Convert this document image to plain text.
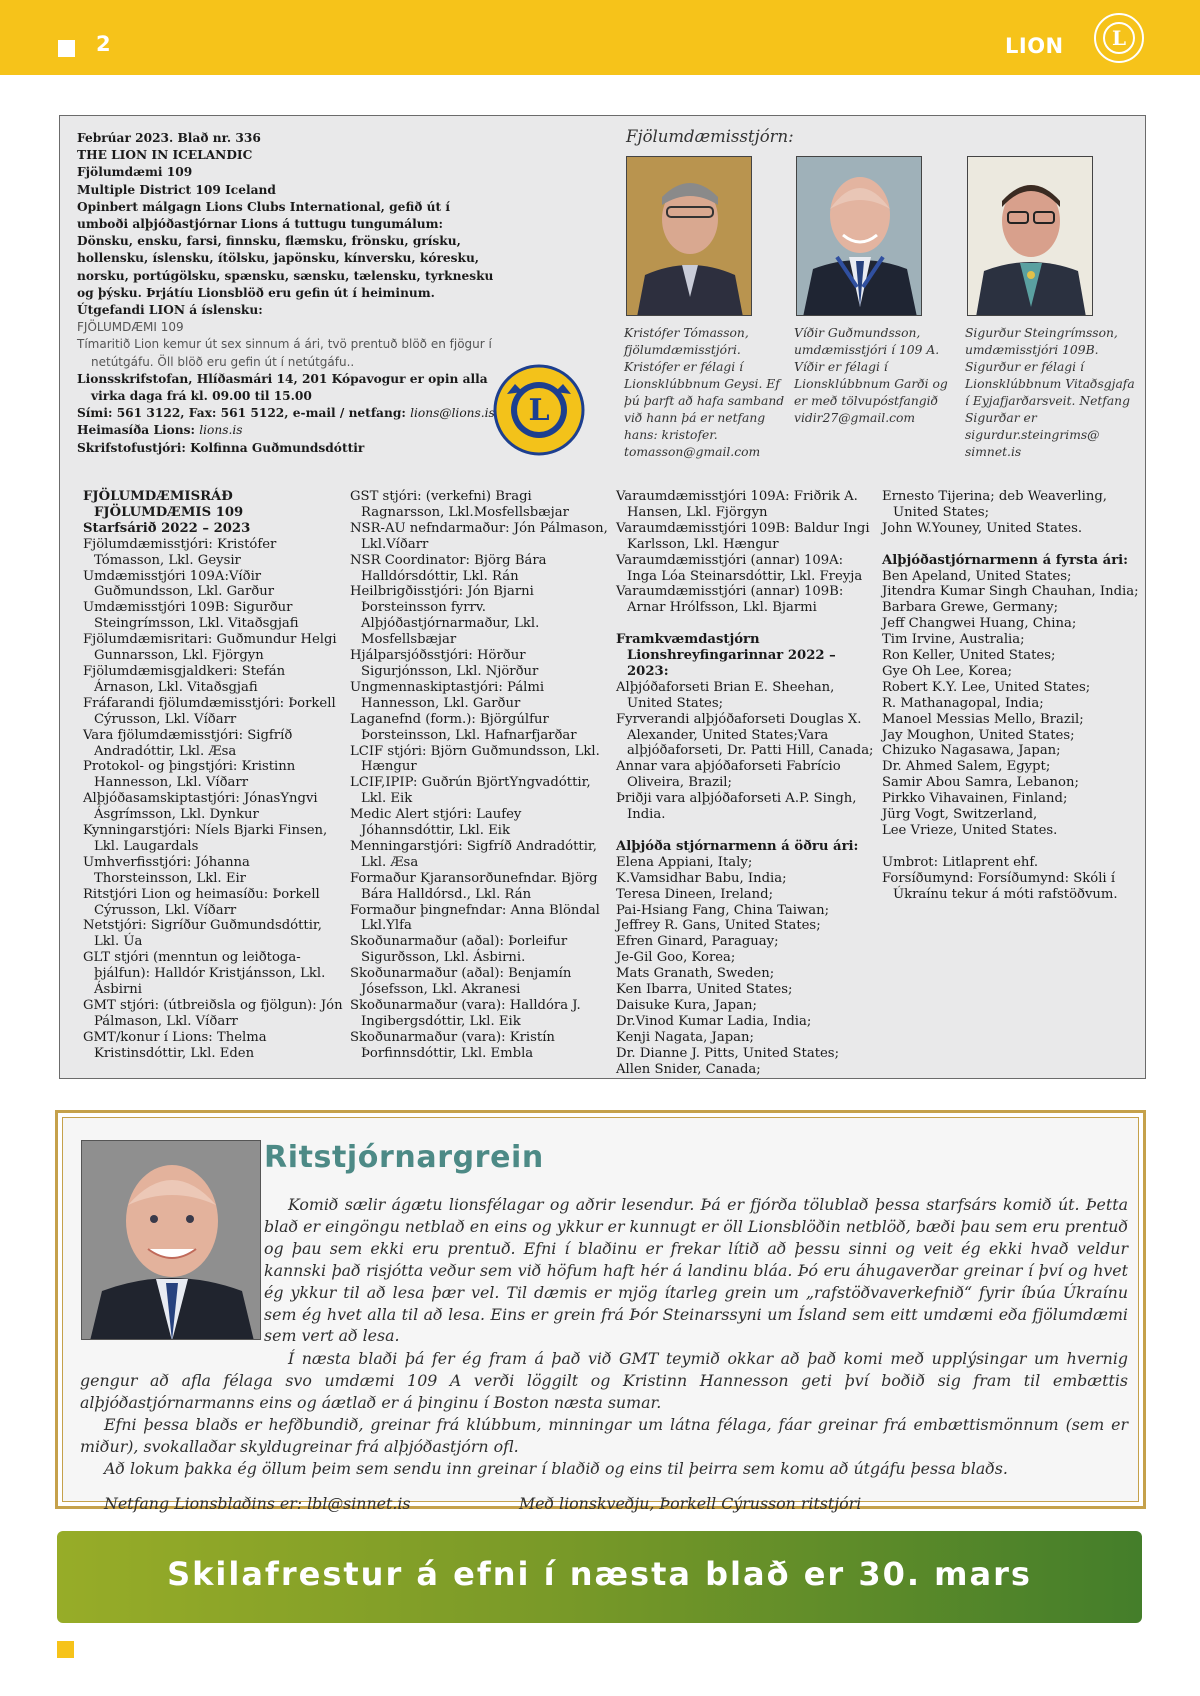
2	LION L
Febrúar 2023. Blað nr. 336
THE LION IN ICELANDIC
Fjölumdæmi 109
Multiple District 109 Iceland
Opinbert málgagn Lions Clubs International, gefið út í umboði alþjóðastjórnar Lions á tuttugu tungumálum: Dönsku, ensku, farsi, finnsku, flæmsku, frönsku, grísku, hollensku, íslensku, ítölsku, japönsku, kínversku, kóresku, norsku, portúgölsku, spænsku, sænsku, tælensku, tyrknesku og þýsku. Þrjátíu Lionsblöð eru gefin út í heiminum.
Útgefandi LION á íslensku:
FJÖLUMDÆMI 109
Tímaritið Lion kemur út sex sinnum á ári, tvö prentuð blöð en fjögur í netútgáfu. Öll blöð eru gefin út í netútgáfu..
Lionsskrifstofan, Hlíðasmári 14, 201 Kópavogur er opin alla virka daga frá kl. 09.00 til 15.00
Sími: 561 3122, Fax: 561 5122, e-mail / netfang: lions@lions.is
Heimasíða Lions: lions.is
Skrifstofustjóri: Kolfinna Guðmundsdóttir
L
Fjölumdæmisstjórn:
Kristófer Tómasson, fjölumdæmisstjóri. Kristófer er félagi í Lionsklúbbnum Geysi. Ef þú þarft að hafa samband við hann þá er netfang hans: kristofer. tomasson@gmail.com
Víðir Guðmundsson, umdæmisstjóri í 109 A. Víðir er félagi í Lionsklúbbnum Garði og er með tölvupóstfangið vidir27@gmail.com
Sigurður Steingrímsson, umdæmisstjóri 109B. Sigurður er félagi í Lionsklúbbnum Vitaðsgjafa í Eyjafjarðarsveit. Netfang Sigurðar er sigurdur.steingrims@ simnet.is
FJÖLUMDÆMISRÁÐ
FJÖLUMDÆMIS 109
Starfsárið 2022 – 2023
Fjölumdæmisstjóri: Kristófer Tómasson, Lkl. Geysir
Umdæmisstjóri 109A:Víðir Guðmundsson, Lkl. Garður
Umdæmisstjóri 109B: Sigurður Steingrímsson, Lkl. Vitaðsgjafi
Fjölumdæmisritari: Guðmundur Helgi Gunnarsson, Lkl. Fjörgyn
Fjölumdæmisgjaldkeri: Stefán Árnason, Lkl. Vitaðsgjafi
Fráfarandi fjölumdæmisstjóri: Þorkell Cýrusson, Lkl. Víðarr
Vara fjölumdæmisstjóri: Sigfríð Andradóttir, Lkl. Æsa
Protokol- og þingstjóri: Kristinn Hannesson, Lkl. Víðarr
Alþjóðasamskiptastjóri: JónasYngvi Ásgrímsson, Lkl. Dynkur
Kynningarstjóri: Níels Bjarki Finsen, Lkl. Laugardals
Umhverfisstjóri: Jóhanna Thorsteinsson, Lkl. Eir
Ritstjóri Lion og heimasíðu: Þorkell Cýrusson, Lkl. Víðarr
Netstjóri: Sigríður Guðmundsdóttir, Lkl. Úa
GLT stjóri (menntun og leiðtoga-þjálfun): Halldór Kristjánsson, Lkl. Ásbirni
GMT stjóri: (útbreiðsla og fjölgun): Jón Pálmason, Lkl. Víðarr
GMT/konur í Lions: Thelma Kristinsdóttir, Lkl. Eden
GST stjóri: (verkefni) Bragi Ragnarsson, Lkl.Mosfellsbæjar
NSR-AU nefndarmaður: Jón Pálmason, Lkl.Víðarr
NSR Coordinator: Björg Bára Halldórsdóttir, Lkl. Rán
Heilbrigðisstjóri: Jón Bjarni Þorsteinsson fyrrv. Alþjóðastjórnarmaður, Lkl. Mosfellsbæjar
Hjálparsjóðsstjóri: Hörður Sigurjónsson, Lkl. Njörður
Ungmennaskiptastjóri: Pálmi Hannesson, Lkl. Garður
Laganefnd (form.): Björgúlfur Þorsteinsson, Lkl. Hafnarfjarðar
LCIF stjóri: Björn Guðmundsson, Lkl. Hængur
LCIF,IPIP: Guðrún BjörtYngvadóttir, Lkl. Eik
Medic Alert stjóri: Laufey Jóhannsdóttir, Lkl. Eik
Menningarstjóri: Sigfríð Andradóttir, Lkl. Æsa
Formaður Kjaransorðunefndar. Björg Bára Halldórsd., Lkl. Rán
Formaður þingnefndar: Anna Blöndal Lkl.Ylfa
Skoðunarmaður (aðal): Þorleifur Sigurðsson, Lkl. Ásbirni.
Skoðunarmaður (aðal): Benjamín Jósefsson, Lkl. Akranesi
Skoðunarmaður (vara): Halldóra J. Ingibergsdóttir, Lkl. Eik
Skoðunarmaður (vara): Kristín Þorfinnsdóttir, Lkl. Embla
Varaumdæmisstjóri 109A: Friðrik A. Hansen, Lkl. Fjörgyn
Varaumdæmisstjóri 109B: Baldur Ingi Karlsson, Lkl. Hængur
Varaumdæmisstjóri (annar) 109A: Inga Lóa Steinarsdóttir, Lkl. Freyja
Varaumdæmisstjóri (annar) 109B: Arnar Hrólfsson, Lkl. Bjarmi
Framkvæmdastjórn Lionshreyfingarinnar 2022 – 2023:
Alþjóðaforseti Brian E. Sheehan, United States;
Fyrverandi alþjóðaforseti Douglas X. Alexander, United States;Vara alþjóðaforseti, Dr. Patti Hill, Canada;
Annar vara aþjóðaforseti Fabrício Oliveira, Brazil;
Þriðji vara alþjóðaforseti A.P. Singh, India.
Alþjóða stjórnarmenn á öðru ári:
Elena Appiani, Italy;
K.Vamsidhar Babu, India;
Teresa Dineen, Ireland;
Pai-Hsiang Fang, China Taiwan;
Jeffrey R. Gans, United States;
Efren Ginard, Paraguay;
Je-Gil Goo, Korea;
Mats Granath, Sweden;
Ken Ibarra, United States;
Daisuke Kura, Japan;
Dr.Vinod Kumar Ladia, India;
Kenji Nagata, Japan;
Dr. Dianne J. Pitts, United States;
Allen Snider, Canada;
Ernesto Tijerina; deb Weaverling, United States;
John W.Youney, United States.
Alþjóðastjórnarmenn á fyrsta ári:
Ben Apeland, United States;
Jitendra Kumar Singh Chauhan, India;
Barbara Grewe, Germany;
Jeff Changwei Huang, China;
Tim Irvine, Australia;
Ron Keller, United States;
Gye Oh Lee, Korea;
Robert K.Y. Lee, United States;
R. Mathanagopal, India;
Manoel Messias Mello, Brazil;
Jay Moughon, United States;
Chizuko Nagasawa, Japan;
Dr. Ahmed Salem, Egypt;
Samir Abou Samra, Lebanon;
Pirkko Vihavainen, Finland;
Jürg Vogt, Switzerland,
Lee Vrieze, United States.
Umbrot: Litlaprent ehf.
Forsíðumynd: Forsíðumynd: Skóli í Úkraínu tekur á móti rafstöðvum.
Ritstjórnargrein
Komið sælir ágætu lionsfélagar og aðrir lesendur. Þá er fjórða tölublað þessa starfsárs komið út. Þetta blað er eingöngu netblað en eins og ykkur er kunnugt er öll Lionsblöðin netblöð, bæði þau sem eru prentuð og þau sem ekki eru prentuð. Efni í blaðinu er frekar lítið að þessu sinni og veit ég ekki hvað veldur kannski það risjótta veður sem við höfum haft hér á landinu bláa. Þó eru áhugaverðar greinar í því og hvet ég ykkur til að lesa þær vel. Til dæmis er mjög ítarleg grein um „rafstöðvaverkefnið“ fyrir íbúa Úkraínu sem ég hvet alla til að lesa. Eins er grein frá Þór Steinarssyni um Ísland sem eitt umdæmi eða fjölumdæmi sem vert að lesa.
Í næsta blaði þá fer ég fram á það við GMT teymið okkar að það komi með upplýsingar um hvernig gengur að afla félaga svo umdæmi 109 A verði löggilt og Kristinn Hannesson geti því boðið sig fram til embættis alþjóðastjórnarmanns eins og áætlað er á þinginu í Boston næsta sumar.
Efni þessa blaðs er hefðbundið, greinar frá klúbbum, minningar um látna félaga, fáar greinar frá embættismönnum (sem er miður), svokallaðar skyldugreinar frá alþjóðastjórn ofl.
Að lokum þakka ég öllum þeim sem sendu inn greinar í blaðið og eins til þeirra sem komu að útgáfu þessa blaðs.
Netfang Lionsblaðins er: lbl@sinnet.is	Með lionskveðju, Þorkell Cýrusson ritstjóri
Skilafrestur á efni í næsta blað er 30. mars
